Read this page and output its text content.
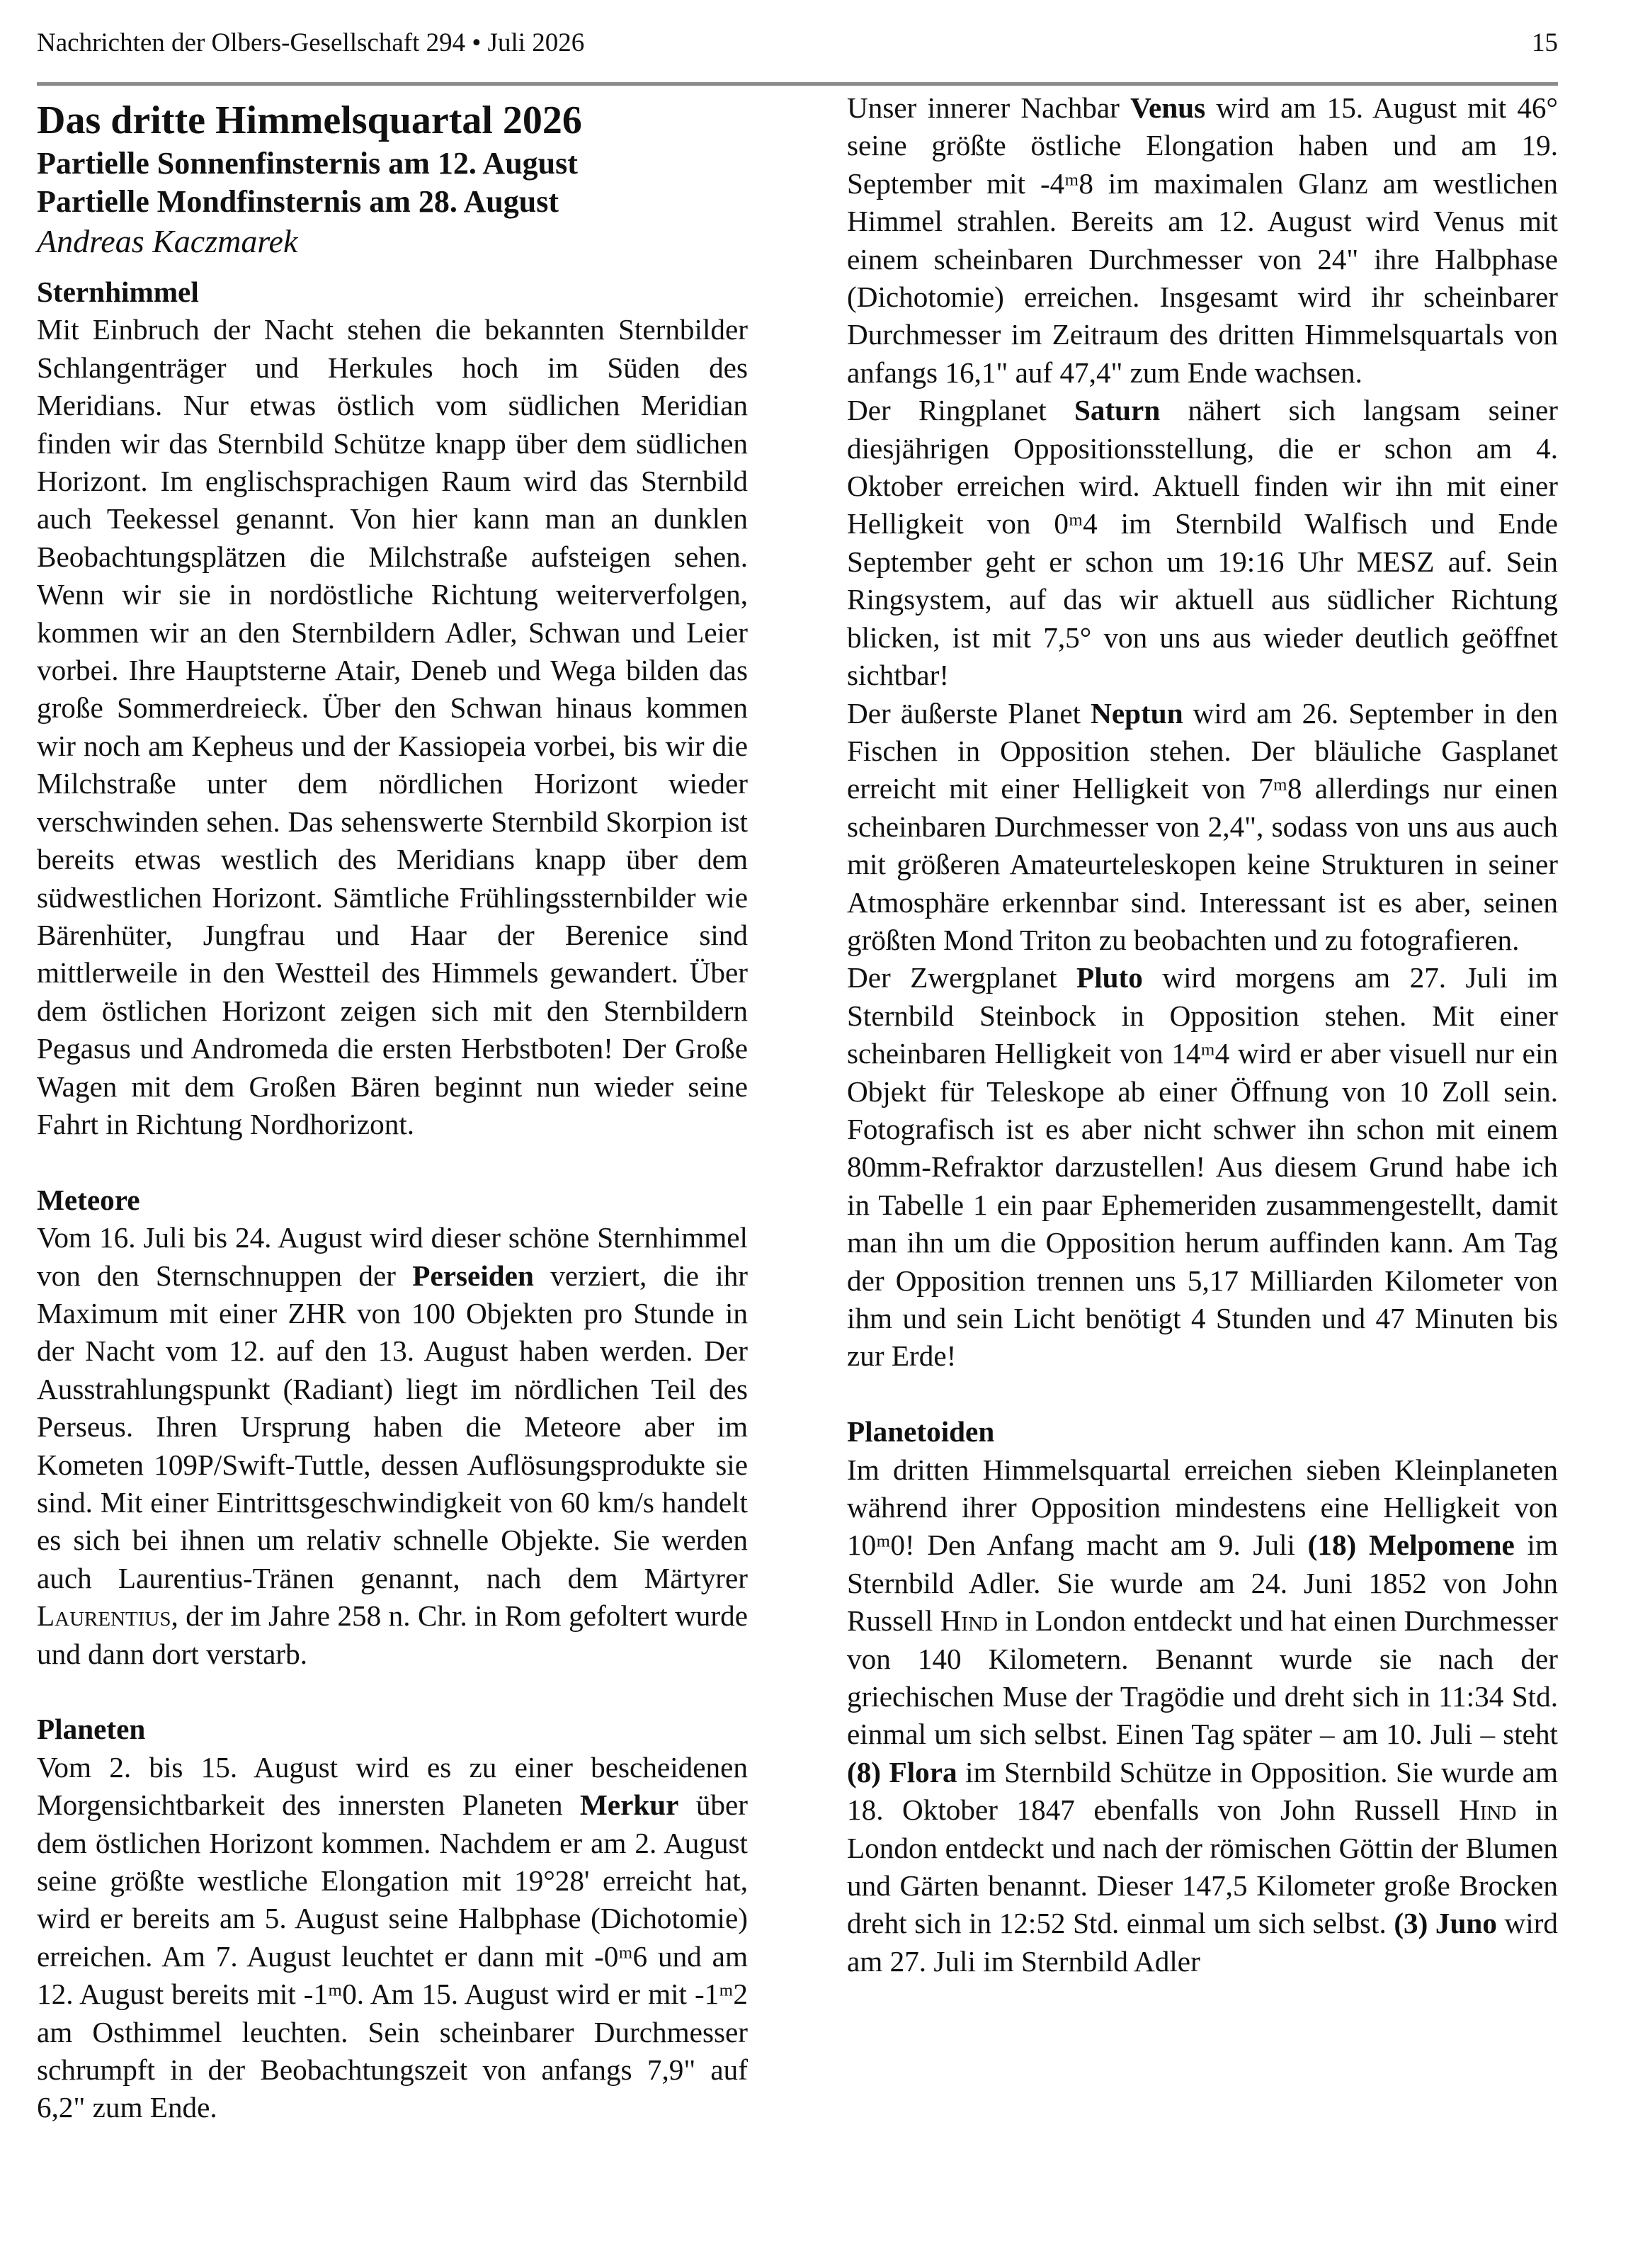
Nachrichten der Olbers-Gesellschaft 294 • Juli 2026	15
Das dritte Himmelsquartal 2026
Partielle Sonnenfinsternis am 12. August
Partielle Mondfinsternis am 28. August
Andreas Kaczmarek
Sternhimmel

Mit Einbruch der Nacht stehen die bekannten Sternbilder Schlangenträger und Herkules hoch im Süden des Meridians. Nur etwas östlich vom südlichen Meridian finden wir das Sternbild Schütze knapp über dem südlichen Horizont. Im englischsprachigen Raum wird das Sternbild auch Teekessel genannt. Von hier kann man an dunklen Beobachtungsplätzen die Milchstraße aufsteigen sehen. Wenn wir sie in nordöstliche Richtung weiterverfolgen, kommen wir an den Sternbildern Adler, Schwan und Leier vorbei. Ihre Hauptsterne Atair, Deneb und Wega bilden das große Sommerdreieck. Über den Schwan hinaus kommen wir noch am Kepheus und der Kassiopeia vorbei, bis wir die Milchstraße unter dem nördlichen Horizont wieder verschwinden sehen. Das sehenswerte Sternbild Skorpion ist bereits etwas westlich des Meridians knapp über dem südwestlichen Horizont. Sämtliche Frühlingssternbilder wie Bärenhüter, Jungfrau und Haar der Berenice sind mittlerweile in den Westteil des Himmels gewandert. Über dem östlichen Horizont zeigen sich mit den Sternbildern Pegasus und Andromeda die ersten Herbstboten! Der Große Wagen mit dem Großen Bären beginnt nun wieder seine Fahrt in Richtung Nordhorizont.

Meteore

Vom 16. Juli bis 24. August wird dieser schöne Sternhimmel von den Sternschnuppen der Perseiden verziert, die ihr Maximum mit einer ZHR von 100 Objekten pro Stunde in der Nacht vom 12. auf den 13. August haben werden. Der Ausstrahlungspunkt (Radiant) liegt im nördlichen Teil des Perseus. Ihren Ursprung haben die Meteore aber im Kometen 109P/Swift-Tuttle, dessen Auflösungsprodukte sie sind. Mit einer Eintrittsgeschwindigkeit von 60 km/s handelt es sich bei ihnen um relativ schnelle Objekte. Sie werden auch Laurentius-Tränen genannt, nach dem Märtyrer Laurentius, der im Jahre 258 n. Chr. in Rom gefoltert wurde und dann dort verstarb.

Planeten

Vom 2. bis 15. August wird es zu einer bescheidenen Morgensichtbarkeit des innersten Planeten Merkur über dem östlichen Horizont kommen. Nachdem er am 2. August seine größte westliche Elongation mit 19°28' erreicht hat, wird er bereits am 5. August seine Halbphase (Dichotomie) erreichen. Am 7. August leuchtet er dann mit -0ᵐ6 und am 12. August bereits mit -1ᵐ0. Am 15. August wird er mit -1ᵐ2 am Osthimmel leuchten. Sein scheinbarer Durchmesser schrumpft in der Beobachtungszeit von anfangs 7,9" auf 6,2" zum Ende.

Unser innerer Nachbar Venus wird am 15. August mit 46° seine größte östliche Elongation haben und am 19. September mit -4ᵐ8 im maximalen Glanz am westlichen Himmel strahlen. Bereits am 12. August wird Venus mit einem scheinbaren Durchmesser von 24" ihre Halbphase (Dichotomie) erreichen. Insgesamt wird ihr scheinbarer Durchmesser im Zeitraum des dritten Himmelsquartals von anfangs 16,1" auf 47,4" zum Ende wachsen.

Der Ringplanet Saturn nähert sich langsam seiner diesjährigen Oppositionsstellung, die er schon am 4. Oktober erreichen wird. Aktuell finden wir ihn mit einer Helligkeit von 0ᵐ4 im Sternbild Walfisch und Ende September geht er schon um 19:16 Uhr MESZ auf. Sein Ringsystem, auf das wir aktuell aus südlicher Richtung blicken, ist mit 7,5° von uns aus wieder deutlich geöffnet sichtbar!

Der äußerste Planet Neptun wird am 26. September in den Fischen in Opposition stehen. Der bläuliche Gasplanet erreicht mit einer Helligkeit von 7ᵐ8 allerdings nur einen scheinbaren Durchmesser von 2,4", sodass von uns aus auch mit größeren Amateurteleskopen keine Strukturen in seiner Atmosphäre erkennbar sind. Interessant ist es aber, seinen größten Mond Triton zu beobachten und zu fotografieren.

Der Zwergplanet Pluto wird morgens am 27. Juli im Sternbild Steinbock in Opposition stehen. Mit einer scheinbaren Helligkeit von 14ᵐ4 wird er aber visuell nur ein Objekt für Teleskope ab einer Öffnung von 10 Zoll sein. Fotografisch ist es aber nicht schwer ihn schon mit einem 80mm-Refraktor darzustellen! Aus diesem Grund habe ich in Tabelle 1 ein paar Ephemeriden zusammengestellt, damit man ihn um die Opposition herum auffinden kann. Am Tag der Opposition trennen uns 5,17 Milliarden Kilometer von ihm und sein Licht benötigt 4 Stunden und 47 Minuten bis zur Erde!

Planetoiden

Im dritten Himmelsquartal erreichen sieben Kleinplaneten während ihrer Opposition mindestens eine Helligkeit von 10ᵐ0! Den Anfang macht am 9. Juli (18) Melpomene im Sternbild Adler. Sie wurde am 24. Juni 1852 von John Russell Hind in London entdeckt und hat einen Durchmesser von 140 Kilometern. Benannt wurde sie nach der griechischen Muse der Tragödie und dreht sich in 11:34 Std. einmal um sich selbst. Einen Tag später – am 10. Juli – steht (8) Flora im Sternbild Schütze in Opposition. Sie wurde am 18. Oktober 1847 ebenfalls von John Russell Hind in London entdeckt und nach der römischen Göttin der Blumen und Gärten benannt. Dieser 147,5 Kilometer große Brocken dreht sich in 12:52 Std. einmal um sich selbst. (3) Juno wird am 27. Juli im Sternbild Adler
